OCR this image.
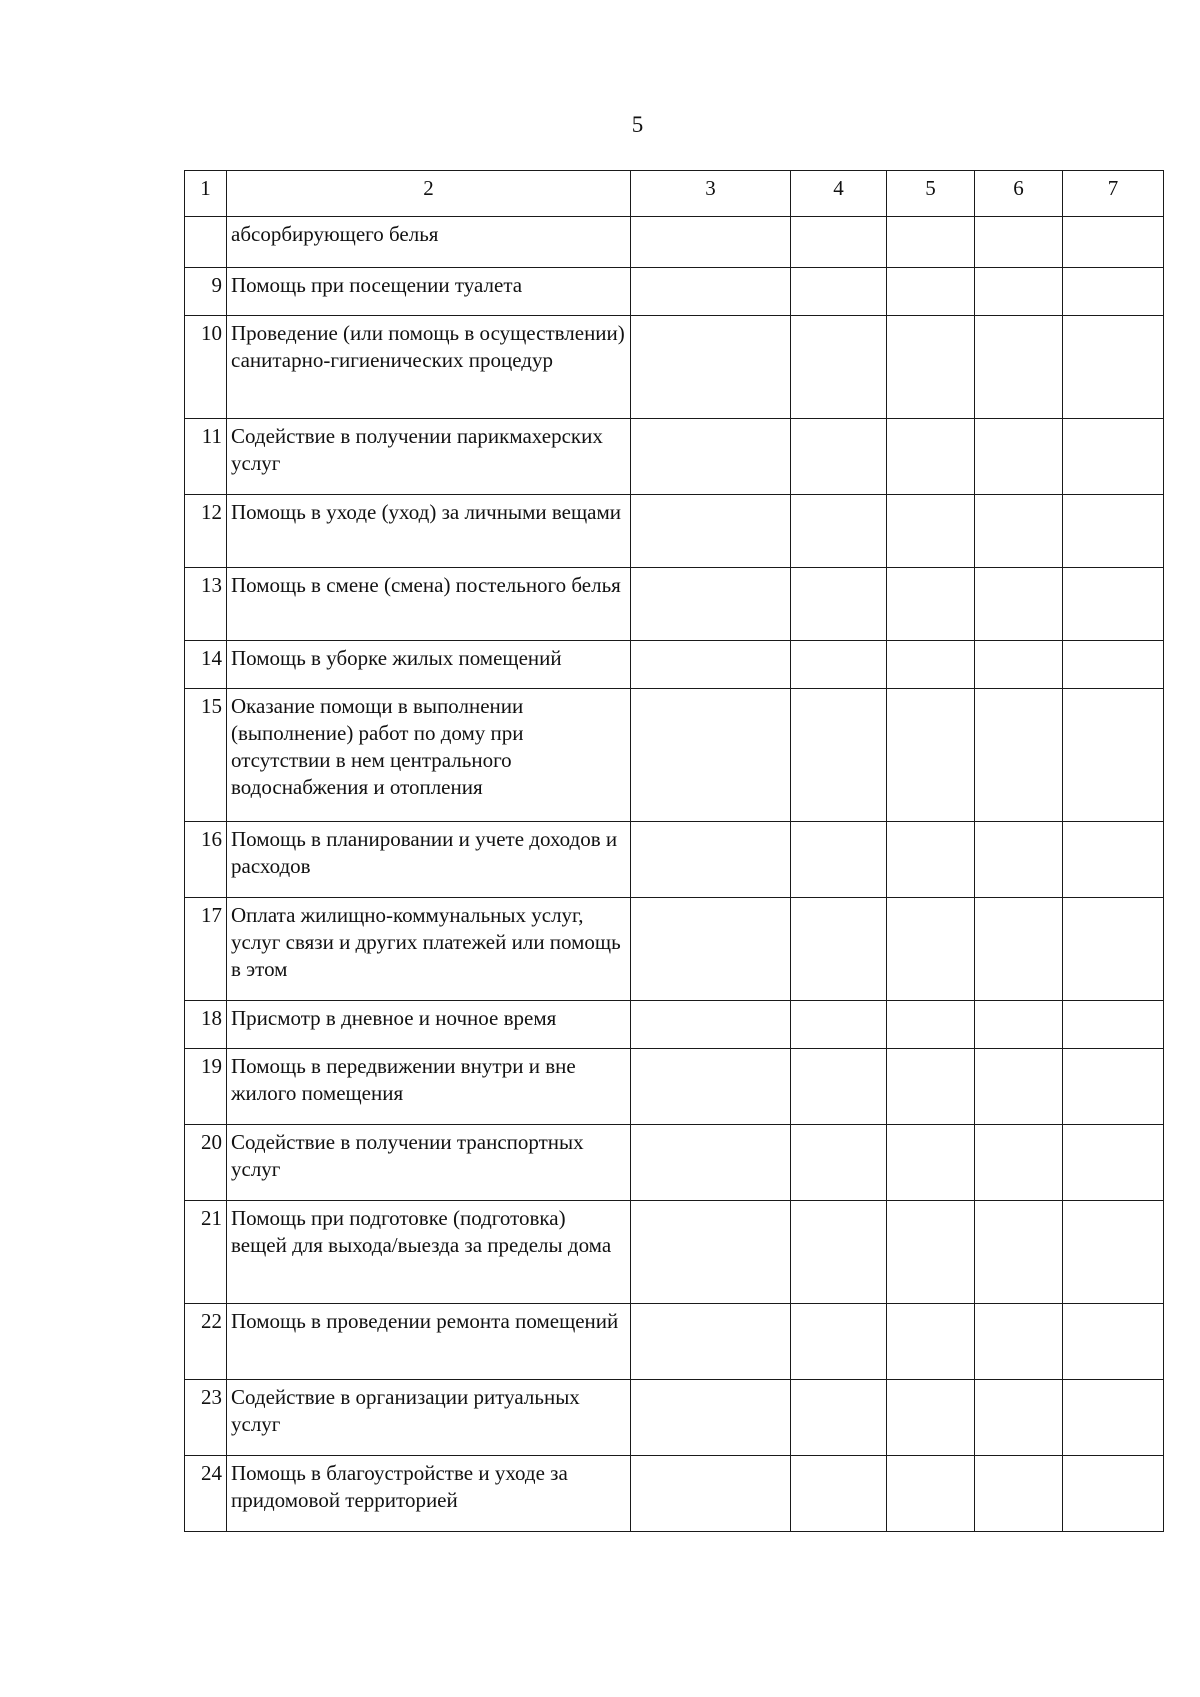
5
1	2	3	4	5	6	7
	абсорбирующего белья					
9	Помощь при посещении туалета					
10	Проведение (или помощь в осуществлении) санитарно-гигиенических процедур					
11	Содействие в получении парикмахерских услуг					
12	Помощь в уходе (уход) за личными вещами					
13	Помощь в смене (смена) постельного белья					
14	Помощь в уборке жилых помещений					
15	Оказание помощи в выполнении (выполнение) работ по дому при отсутствии в нем центрального водоснабжения и отопления					
16	Помощь в планировании и учете доходов и расходов					
17	Оплата жилищно-коммунальных услуг, услуг связи и других платежей или помощь в этом					
18	Присмотр в дневное и ночное время					
19	Помощь в передвижении внутри и вне жилого помещения					
20	Содействие в получении транспортных услуг					
21	Помощь при подготовке (подготовка) вещей для выхода/выезда за пределы дома					
22	Помощь в проведении ремонта помещений					
23	Содействие в организации ритуальных услуг					
24	Помощь в благоустройстве и уходе за придомовой территорией					
